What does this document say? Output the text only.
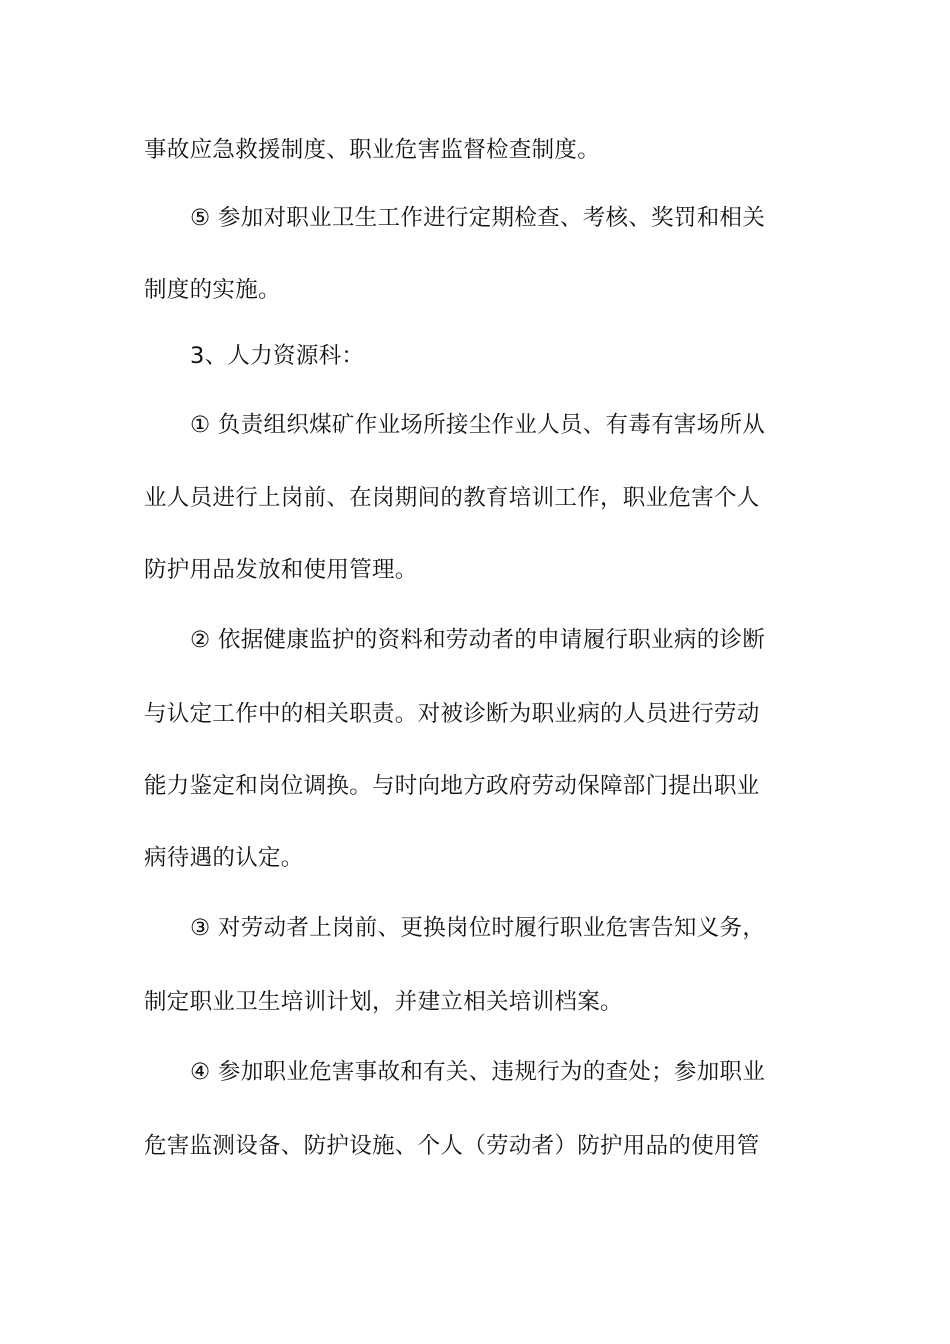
事故应急救援制度、职业危害监督检查制度。
⑤ 参加对职业卫生工作进行定期检查、考核、奖罚和相关
制度的实施。
3、人力资源科：
① 负责组织煤矿作业场所接尘作业人员、有毒有害场所从
业人员进行上岗前、在岗期间的教育培训工作，职业危害个人
防护用品发放和使用管理。
② 依据健康监护的资料和劳动者的申请履行职业病的诊断
与认定工作中的相关职责。对被诊断为职业病的人员进行劳动
能力鉴定和岗位调换。与时向地方政府劳动保障部门提出职业
病待遇的认定。
③ 对劳动者上岗前、更换岗位时履行职业危害告知义务，
制定职业卫生培训计划，并建立相关培训档案。
④ 参加职业危害事故和有关、违规行为的查处；参加职业
危害监测设备、防护设施、个人（劳动者）防护用品的使用管
